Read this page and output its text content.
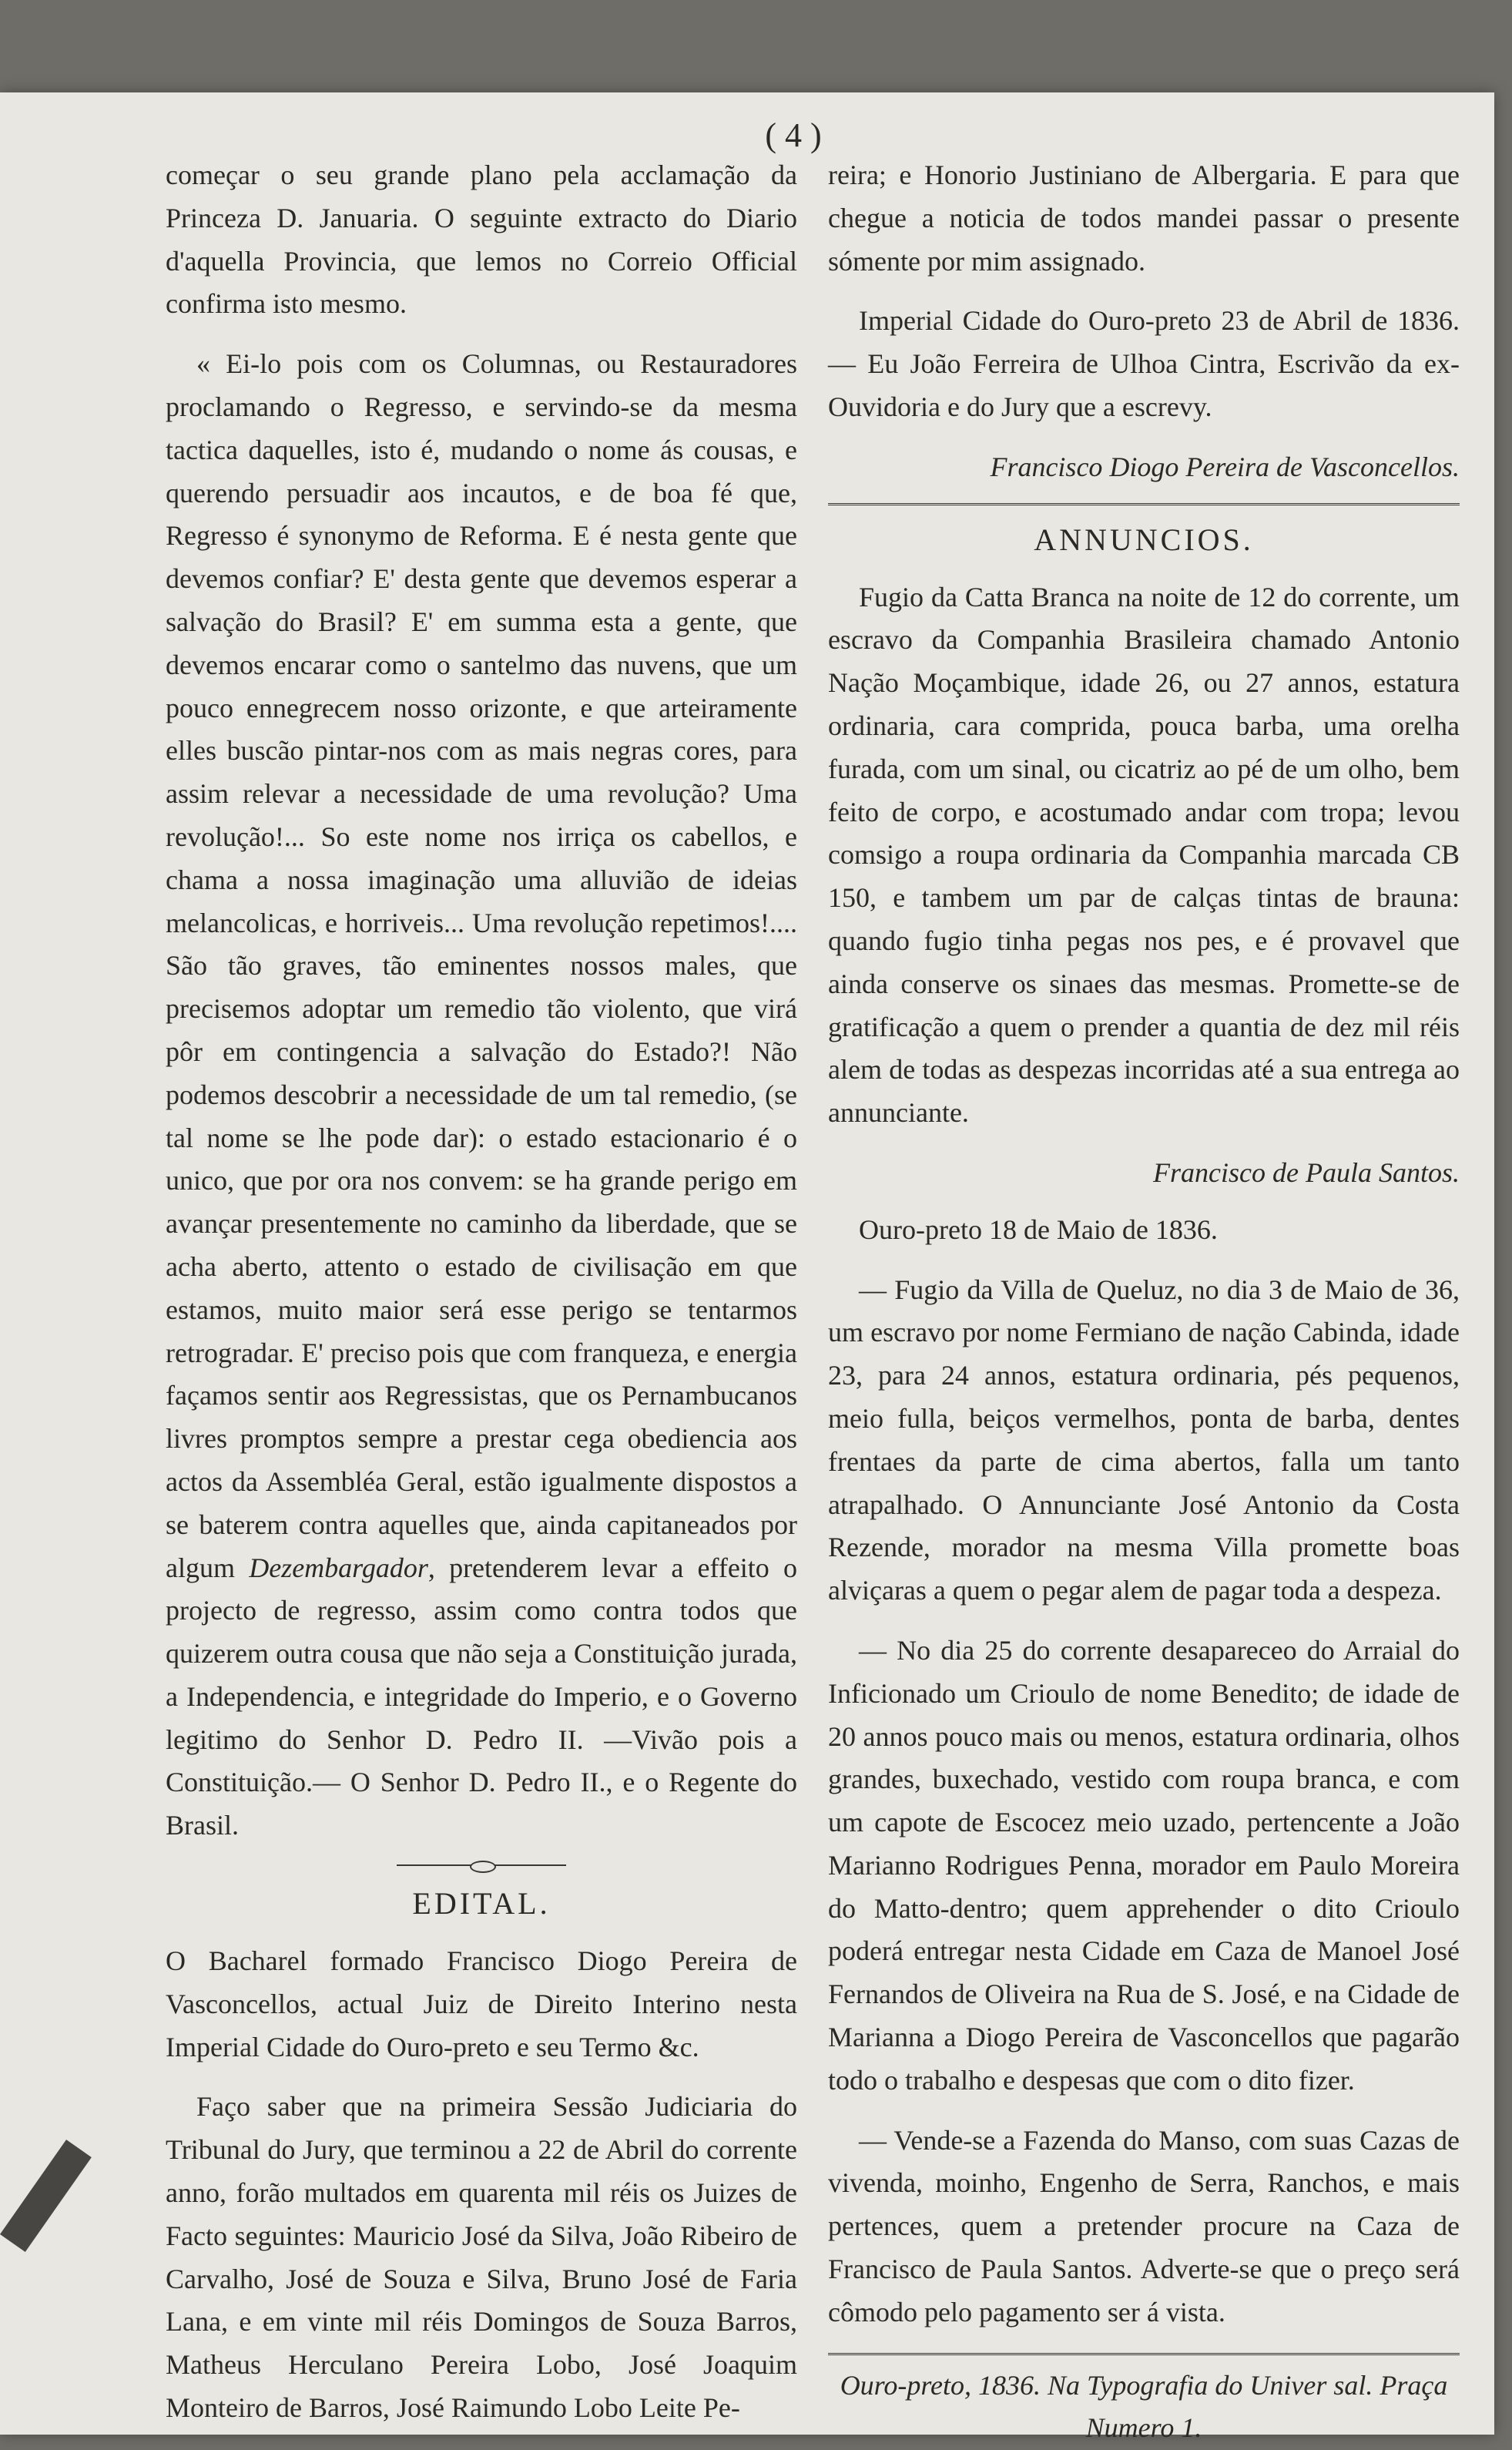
( 4 )

começar o seu grande plano pela acclamação da Princeza D. Januaria. O seguinte extracto do Diario d'aquella Provincia, que lemos no Correio Official confirma isto mesmo.

« Ei-lo pois com os Columnas, ou Restauradores proclamando o Regresso, e servindo-se da mesma tactica daquelles, isto é, mudando o nome ás cousas, e querendo persuadir aos incautos, e de boa fé que, Regresso é synonymo de Reforma. E é nesta gente que devemos confiar? E' desta gente que devemos esperar a salvação do Brasil? E' em summa esta a gente, que devemos encarar como o santelmo das nuvens, que um pouco ennegrecem nosso orizonte, e que arteiramente elles buscão pintar-nos com as mais negras cores, para assim relevar a necessidade de uma revolução? Uma revolução!... So este nome nos irriça os cabellos, e chama a nossa imaginação uma alluvião de ideias melancolicas, e horriveis... Uma revolução repetimos!.... São tão graves, tão eminentes nossos males, que precisemos adoptar um remedio tão violento, que virá pôr em contingencia a salvação do Estado?! Não podemos descobrir a necessidade de um tal remedio, (se tal nome se lhe pode dar): o estado estacionario é o unico, que por ora nos convem: se ha grande perigo em avançar presentemente no caminho da liberdade, que se acha aberto, attento o estado de civilisação em que estamos, muito maior será esse perigo se tentarmos retrogradar. E' preciso pois que com franqueza, e energia façamos sentir aos Regressistas, que os Pernambucanos livres promptos sempre a prestar cega obediencia aos actos da Assembléa Geral, estão igualmente dispostos a se baterem contra aquelles que, ainda capitaneados por algum Dezembargador, pretenderem levar a effeito o projecto de regresso, assim como contra todos que quizerem outra cousa que não seja a Constituição jurada, a Independencia, e integridade do Imperio, e o Governo legitimo do Senhor D. Pedro II. —Vivão pois a Constituição.— O Senhor D. Pedro II., e o Regente do Brasil.

EDITAL.

O Bacharel formado Francisco Diogo Pereira de Vasconcellos, actual Juiz de Direito Interino nesta Imperial Cidade do Ouro-preto e seu Termo &c.

Faço saber que na primeira Sessão Judiciaria do Tribunal do Jury, que terminou a 22 de Abril do corrente anno, forão multados em quarenta mil réis os Juizes de Facto seguintes: Mauricio José da Silva, João Ribeiro de Carvalho, José de Souza e Silva, Bruno José de Faria Lana, e em vinte mil réis Domingos de Souza Barros, Matheus Herculano Pereira Lobo, José Joaquim Monteiro de Barros, José Raimundo Lobo Leite Pe-

reira; e Honorio Justiniano de Albergaria. E para que chegue a noticia de todos mandei passar o presente sómente por mim assignado.

Imperial Cidade do Ouro-preto 23 de Abril de 1836. — Eu João Ferreira de Ulhoa Cintra, Escrivão da ex-Ouvidoria e do Jury que a escrevy.

Francisco Diogo Pereira de Vasconcellos.
ANNUNCIOS.

Fugio da Catta Branca na noite de 12 do corrente, um escravo da Companhia Brasileira chamado Antonio Nação Moçambique, idade 26, ou 27 annos, estatura ordinaria, cara comprida, pouca barba, uma orelha furada, com um sinal, ou cicatriz ao pé de um olho, bem feito de corpo, e acostumado andar com tropa; levou comsigo a roupa ordinaria da Companhia marcada CB 150, e tambem um par de calças tintas de brauna: quando fugio tinha pegas nos pes, e é provavel que ainda conserve os sinaes das mesmas. Promette-se de gratificação a quem o prender a quantia de dez mil réis alem de todas as despezas incorridas até a sua entrega ao annunciante.

Francisco de Paula Santos.

Ouro-preto 18 de Maio de 1836.

— Fugio da Villa de Queluz, no dia 3 de Maio de 36, um escravo por nome Fermiano de nação Cabinda, idade 23, para 24 annos, estatura ordinaria, pés pequenos, meio fulla, beiços vermelhos, ponta de barba, dentes frentaes da parte de cima abertos, falla um tanto atrapalhado. O Annunciante José Antonio da Costa Rezende, morador na mesma Villa promette boas alviçaras a quem o pegar alem de pagar toda a despeza.

— No dia 25 do corrente desapareceo do Arraial do Inficionado um Crioulo de nome Benedito; de idade de 20 annos pouco mais ou menos, estatura ordinaria, olhos grandes, buxechado, vestido com roupa branca, e com um capote de Escocez meio uzado, pertencente a João Marianno Rodrigues Penna, morador em Paulo Moreira do Matto-dentro; quem apprehender o dito Crioulo poderá entregar nesta Cidade em Caza de Manoel José Fernandos de Oliveira na Rua de S. José, e na Cidade de Marianna a Diogo Pereira de Vasconcellos que pagarão todo o trabalho e despesas que com o dito fizer.

— Vende-se a Fazenda do Manso, com suas Cazas de vivenda, moinho, Engenho de Serra, Ranchos, e mais pertences, quem a pretender procure na Caza de Francisco de Paula Santos. Adverte-se que o preço será cômodo pelo pagamento ser á vista.

Ouro-preto, 1836. Na Typografia do Univer sal. Praça Numero 1.
